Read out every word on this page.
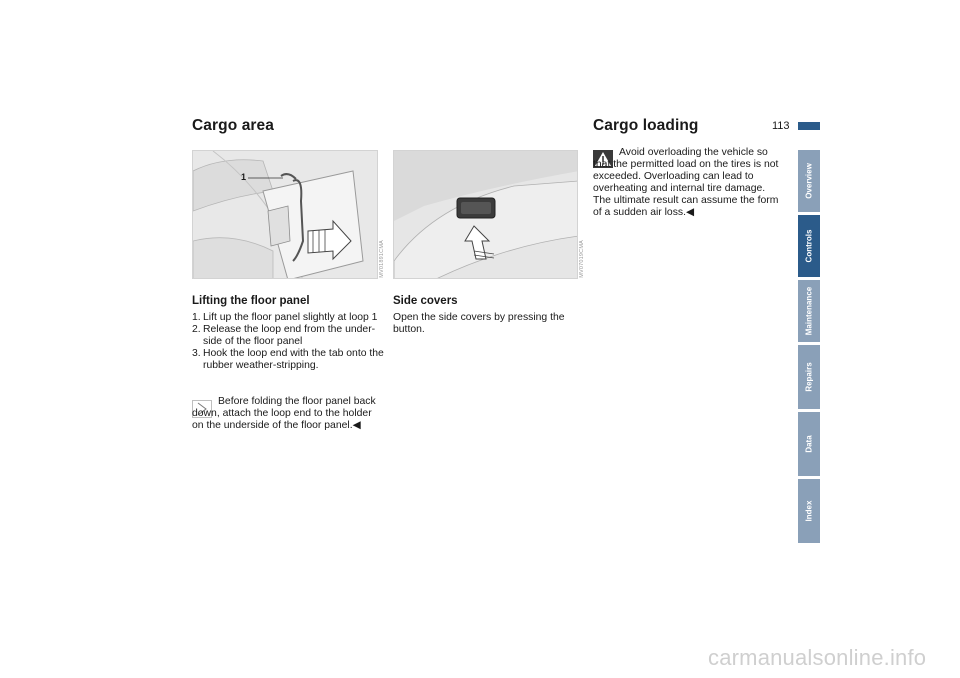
113
Cargo area
1
MV01891CMA
Lifting the floor panel
1. Lift up the floor panel slightly at loop 1
2. Release the loop end from the under-side of the floor panel
3. Hook the loop end with the tab onto the rubber weather-stripping.
Before folding the floor panel back down, attach the loop end to the holder on the underside of the floor panel.◀
MV07019CMA
Side covers
Open the side covers by pressing the button.
Cargo loading
Avoid overloading the vehicle so that the permitted load on the tires is not exceeded. Overloading can lead to overheating and internal tire damage. The ultimate result can assume the form of a sudden air loss.◀
Overview
Controls
Maintenance
Repairs
Data
Index
carmanualsonline.info
